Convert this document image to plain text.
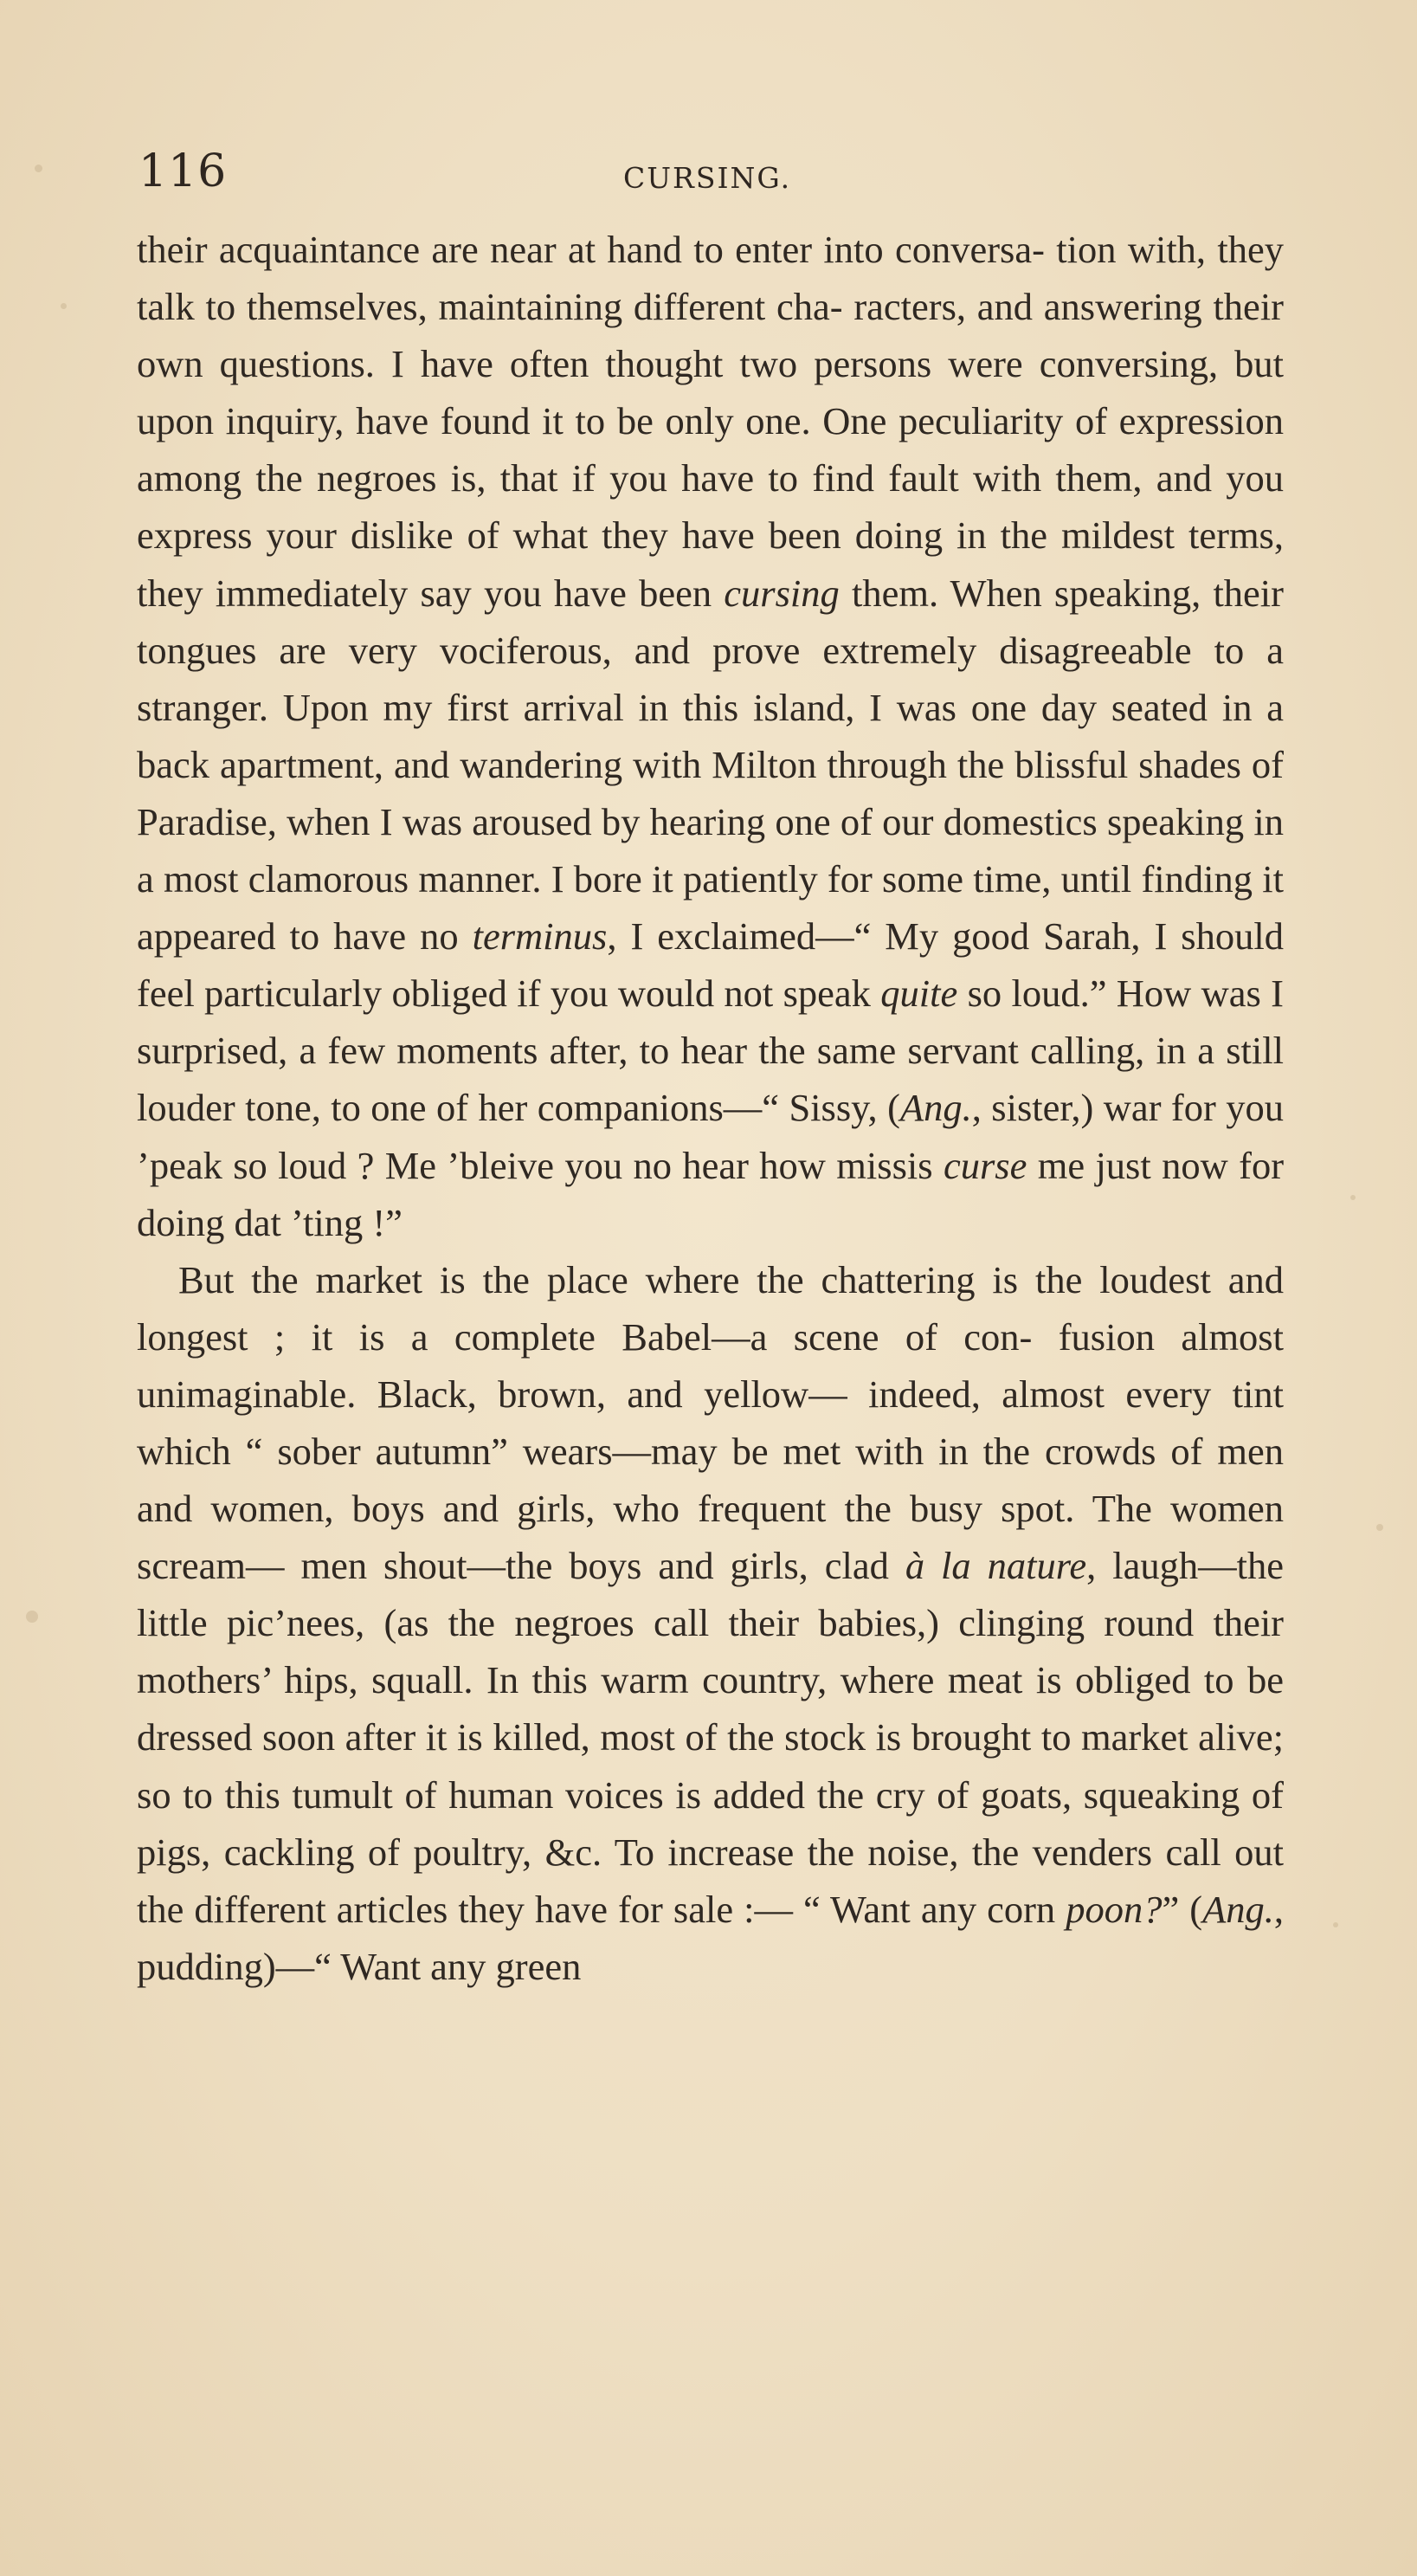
116	CURSING.

their acquaintance are near at hand to enter into conversa- tion with, they talk to themselves, maintaining different cha- racters, and answering their own questions. I have often thought two persons were conversing, but upon inquiry, have found it to be only one. One peculiarity of expression among the negroes is, that if you have to find fault with them, and you express your dislike of what they have been doing in the mildest terms, they immediately say you have been cursing them. When speaking, their tongues are very vociferous, and prove extremely disagreeable to a stranger. Upon my first arrival in this island, I was one day seated in a back apartment, and wandering with Milton through the blissful shades of Paradise, when I was aroused by hearing one of our domestics speaking in a most clamorous manner. I bore it patiently for some time, until finding it appeared to have no terminus, I exclaimed—“ My good Sarah, I should feel particularly obliged if you would not speak quite so loud.” How was I surprised, a few moments after, to hear the same servant calling, in a still louder tone, to one of her companions—“ Sissy, (Ang., sister,) war for you ’peak so loud ? Me ’bleive you no hear how missis curse me just now for doing dat ’ting !”

But the market is the place where the chattering is the loudest and longest ; it is a complete Babel—a scene of con- fusion almost unimaginable. Black, brown, and yellow— indeed, almost every tint which “ sober autumn” wears—may be met with in the crowds of men and women, boys and girls, who frequent the busy spot. The women scream— men shout—the boys and girls, clad à la nature, laugh—the little pic’nees, (as the negroes call their babies,) clinging round their mothers’ hips, squall. In this warm country, where meat is obliged to be dressed soon after it is killed, most of the stock is brought to market alive; so to this tumult of human voices is added the cry of goats, squeaking of pigs, cackling of poultry, &c. To increase the noise, the venders call out the different articles they have for sale :— “ Want any corn poon?” (Ang., pudding)—“ Want any green
